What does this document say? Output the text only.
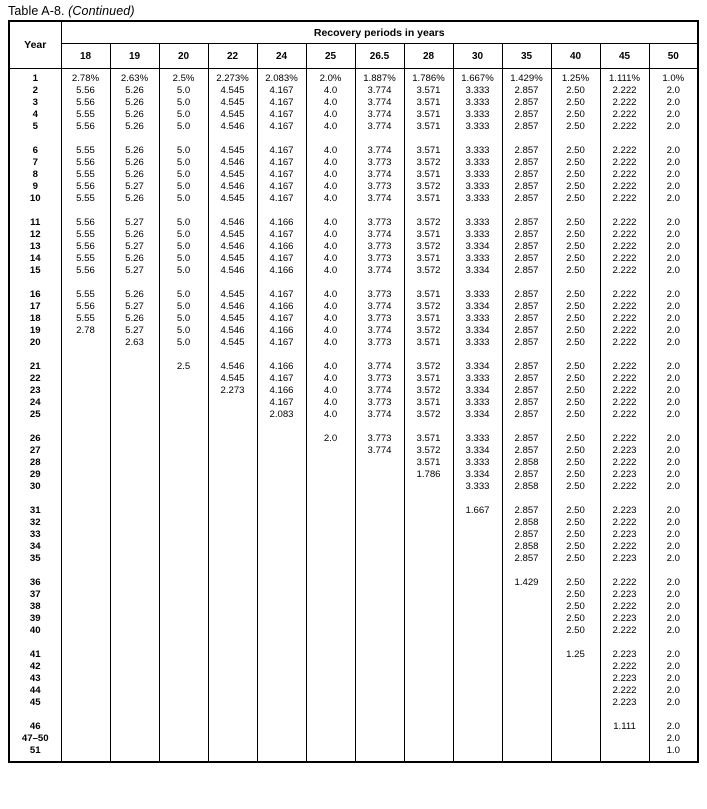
Table A-8. (Continued)
Year	Recovery periods in years												
	18	19	20	22	24	25	26.5	28	30	35	40	45	50

1	2.78%	2.63%	2.5%	2.273%	2.083%	2.0%	1.887%	1.786%	1.667%	1.429%	1.25%	1.111%	1.0%
2	5.56	5.26	5.0	4.545	4.167	4.0	3.774	3.571	3.333	2.857	2.50	2.222	2.0
3	5.56	5.26	5.0	4.545	4.167	4.0	3.774	3.571	3.333	2.857	2.50	2.222	2.0
4	5.55	5.26	5.0	4.545	4.167	4.0	3.774	3.571	3.333	2.857	2.50	2.222	2.0
5	5.56	5.26	5.0	4.546	4.167	4.0	3.774	3.571	3.333	2.857	2.50	2.222	2.0

6	5.55	5.26	5.0	4.545	4.167	4.0	3.774	3.571	3.333	2.857	2.50	2.222	2.0
7	5.56	5.26	5.0	4.546	4.167	4.0	3.773	3.572	3.333	2.857	2.50	2.222	2.0
8	5.55	5.26	5.0	4.545	4.167	4.0	3.774	3.571	3.333	2.857	2.50	2.222	2.0
9	5.56	5.27	5.0	4.546	4.167	4.0	3.773	3.572	3.333	2.857	2.50	2.222	2.0
10	5.55	5.26	5.0	4.545	4.167	4.0	3.774	3.571	3.333	2.857	2.50	2.222	2.0

11	5.56	5.27	5.0	4.546	4.166	4.0	3.773	3.572	3.333	2.857	2.50	2.222	2.0
12	5.55	5.26	5.0	4.545	4.167	4.0	3.774	3.571	3.333	2.857	2.50	2.222	2.0
13	5.56	5.27	5.0	4.546	4.166	4.0	3.773	3.572	3.334	2.857	2.50	2.222	2.0
14	5.55	5.26	5.0	4.545	4.167	4.0	3.773	3.571	3.333	2.857	2.50	2.222	2.0
15	5.56	5.27	5.0	4.546	4.166	4.0	3.774	3.572	3.334	2.857	2.50	2.222	2.0

16	5.55	5.26	5.0	4.545	4.167	4.0	3.773	3.571	3.333	2.857	2.50	2.222	2.0
17	5.56	5.27	5.0	4.546	4.166	4.0	3.774	3.572	3.334	2.857	2.50	2.222	2.0
18	5.55	5.26	5.0	4.545	4.167	4.0	3.773	3.571	3.333	2.857	2.50	2.222	2.0
19	2.78	5.27	5.0	4.546	4.166	4.0	3.774	3.572	3.334	2.857	2.50	2.222	2.0
20		2.63	5.0	4.545	4.167	4.0	3.773	3.571	3.333	2.857	2.50	2.222	2.0

21			2.5	4.546	4.166	4.0	3.774	3.572	3.334	2.857	2.50	2.222	2.0
22				4.545	4.167	4.0	3.773	3.571	3.333	2.857	2.50	2.222	2.0
23				2.273	4.166	4.0	3.774	3.572	3.334	2.857	2.50	2.222	2.0
24					4.167	4.0	3.773	3.571	3.333	2.857	2.50	2.222	2.0
25					2.083	4.0	3.774	3.572	3.334	2.857	2.50	2.222	2.0

26						2.0	3.773	3.571	3.333	2.857	2.50	2.222	2.0
27							3.774	3.572	3.334	2.857	2.50	2.223	2.0
28								3.571	3.333	2.858	2.50	2.222	2.0
29								1.786	3.334	2.857	2.50	2.223	2.0
30									3.333	2.858	2.50	2.222	2.0

31									1.667	2.857	2.50	2.223	2.0
32										2.858	2.50	2.222	2.0
33										2.857	2.50	2.223	2.0
34										2.858	2.50	2.222	2.0
35										2.857	2.50	2.223	2.0

36										1.429	2.50	2.222	2.0
37											2.50	2.223	2.0
38											2.50	2.222	2.0
39											2.50	2.223	2.0
40											2.50	2.222	2.0

41											1.25	2.223	2.0
42												2.222	2.0
43												2.223	2.0
44												2.222	2.0
45												2.223	2.0

46												1.111	2.0
47–50													2.0
51													1.0
